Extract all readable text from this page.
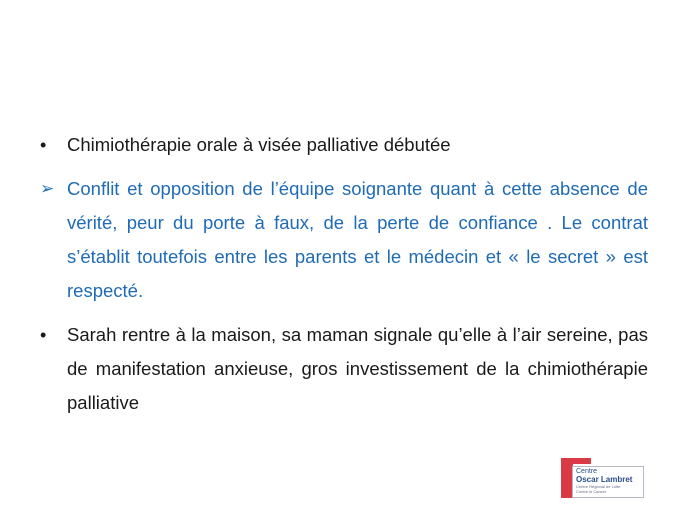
• Chimiothérapie orale à visée palliative débutée
➢ Conflit et opposition de l’équipe soignante quant à cette absence de vérité, peur du porte à faux, de la perte de confiance . Le contrat s’établit toutefois entre les parents et le médecin et « le secret » est respecté.
• Sarah rentre à la maison, sa maman signale qu’elle à l’air sereine, pas de manifestation anxieuse, gros investissement de la chimiothérapie palliative
Centre
Oscar Lambret
Centre Régional de Lutte
Contre le Cancer
